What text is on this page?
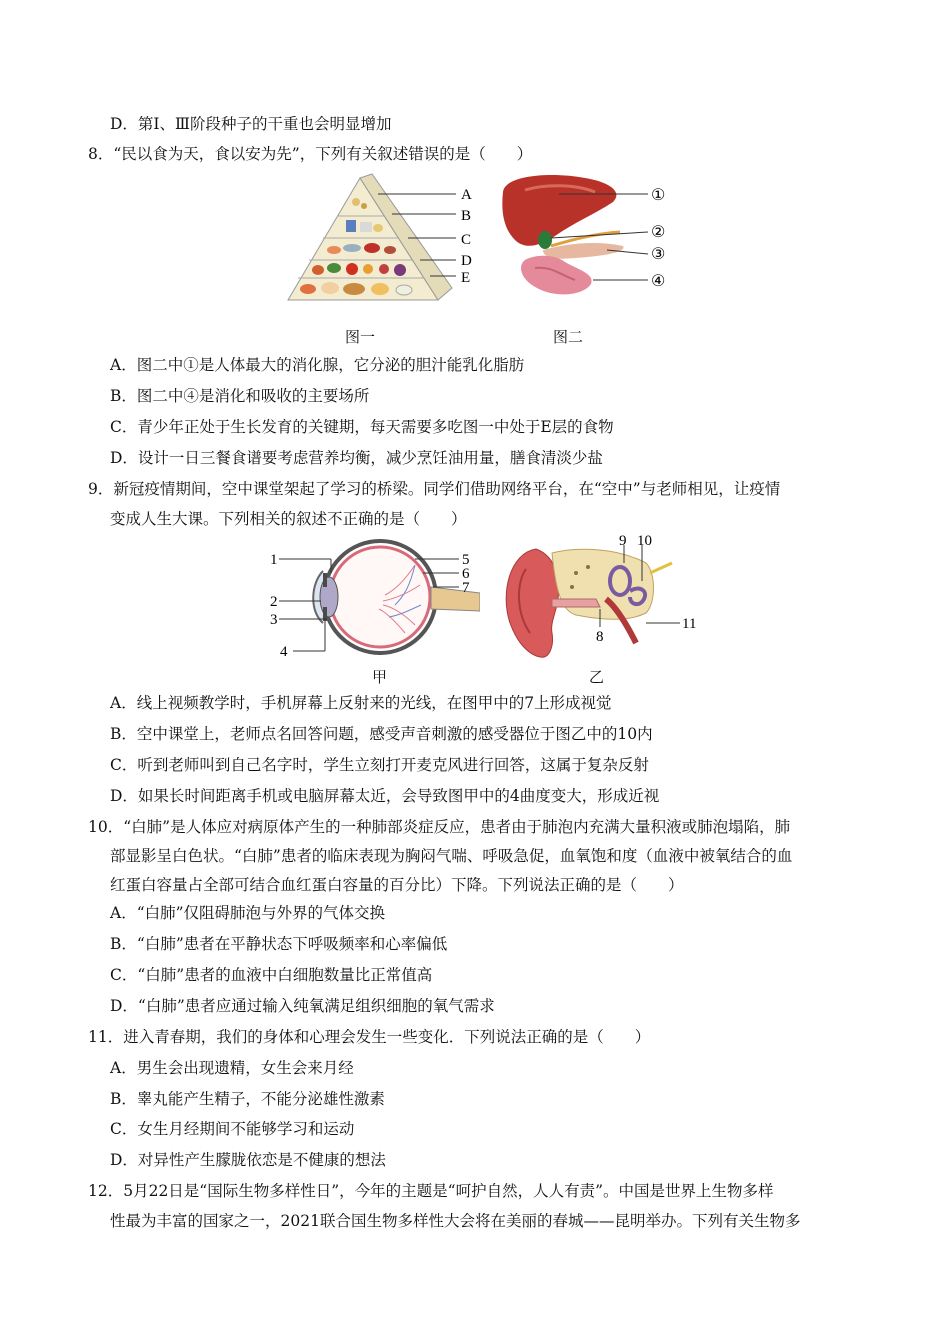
D．第Ⅰ、Ⅲ阶段种子的干重也会明显增加
8．“民以食为天，食以安为先”，下列有关叙述错误的是（　　）
A
B
C
D
E
①
②
③
④
图一	图二
A．图二中①是人体最大的消化腺，它分泌的胆汁能乳化脂肪
B．图二中④是消化和吸收的主要场所
C．青少年正处于生长发育的关键期，每天需要多吃图一中处于E层的食物
D．设计一日三餐食谱要考虑营养均衡，减少烹饪油用量，膳食清淡少盐
9．新冠疫情期间，空中课堂架起了学习的桥梁。同学们借助网络平台，在“空中”与老师相见，让疫情
变成人生大课。下列相关的叙述不正确的是（　　）
1
2
3
4
5
6
7
9 10
8
11
甲	乙
A．线上视频教学时，手机屏幕上反射来的光线，在图甲中的7上形成视觉
B．空中课堂上，老师点名回答问题，感受声音刺激的感受器位于图乙中的10内
C．听到老师叫到自己名字时，学生立刻打开麦克风进行回答，这属于复杂反射
D．如果长时间距离手机或电脑屏幕太近，会导致图甲中的4曲度变大，形成近视
10．“白肺”是人体应对病原体产生的一种肺部炎症反应，患者由于肺泡内充满大量积液或肺泡塌陷，肺
部显影呈白色状。“白肺”患者的临床表现为胸闷气喘、呼吸急促，血氧饱和度（血液中被氧结合的血
红蛋白容量占全部可结合血红蛋白容量的百分比）下降。下列说法正确的是（　　）
A．“白肺”仅阻碍肺泡与外界的气体交换
B．“白肺”患者在平静状态下呼吸频率和心率偏低
C．“白肺”患者的血液中白细胞数量比正常值高
D．“白肺”患者应通过输入纯氧满足组织细胞的氧气需求
11．进入青春期，我们的身体和心理会发生一些变化．下列说法正确的是（　　）
A．男生会出现遗精，女生会来月经
B．睾丸能产生精子，不能分泌雄性激素
C．女生月经期间不能够学习和运动
D．对异性产生朦胧依恋是不健康的想法
12．5月22日是“国际生物多样性日”，今年的主题是“呵护自然，人人有责”。中国是世界上生物多样
性最为丰富的国家之一，2021联合国生物多样性大会将在美丽的春城——昆明举办。下列有关生物多
